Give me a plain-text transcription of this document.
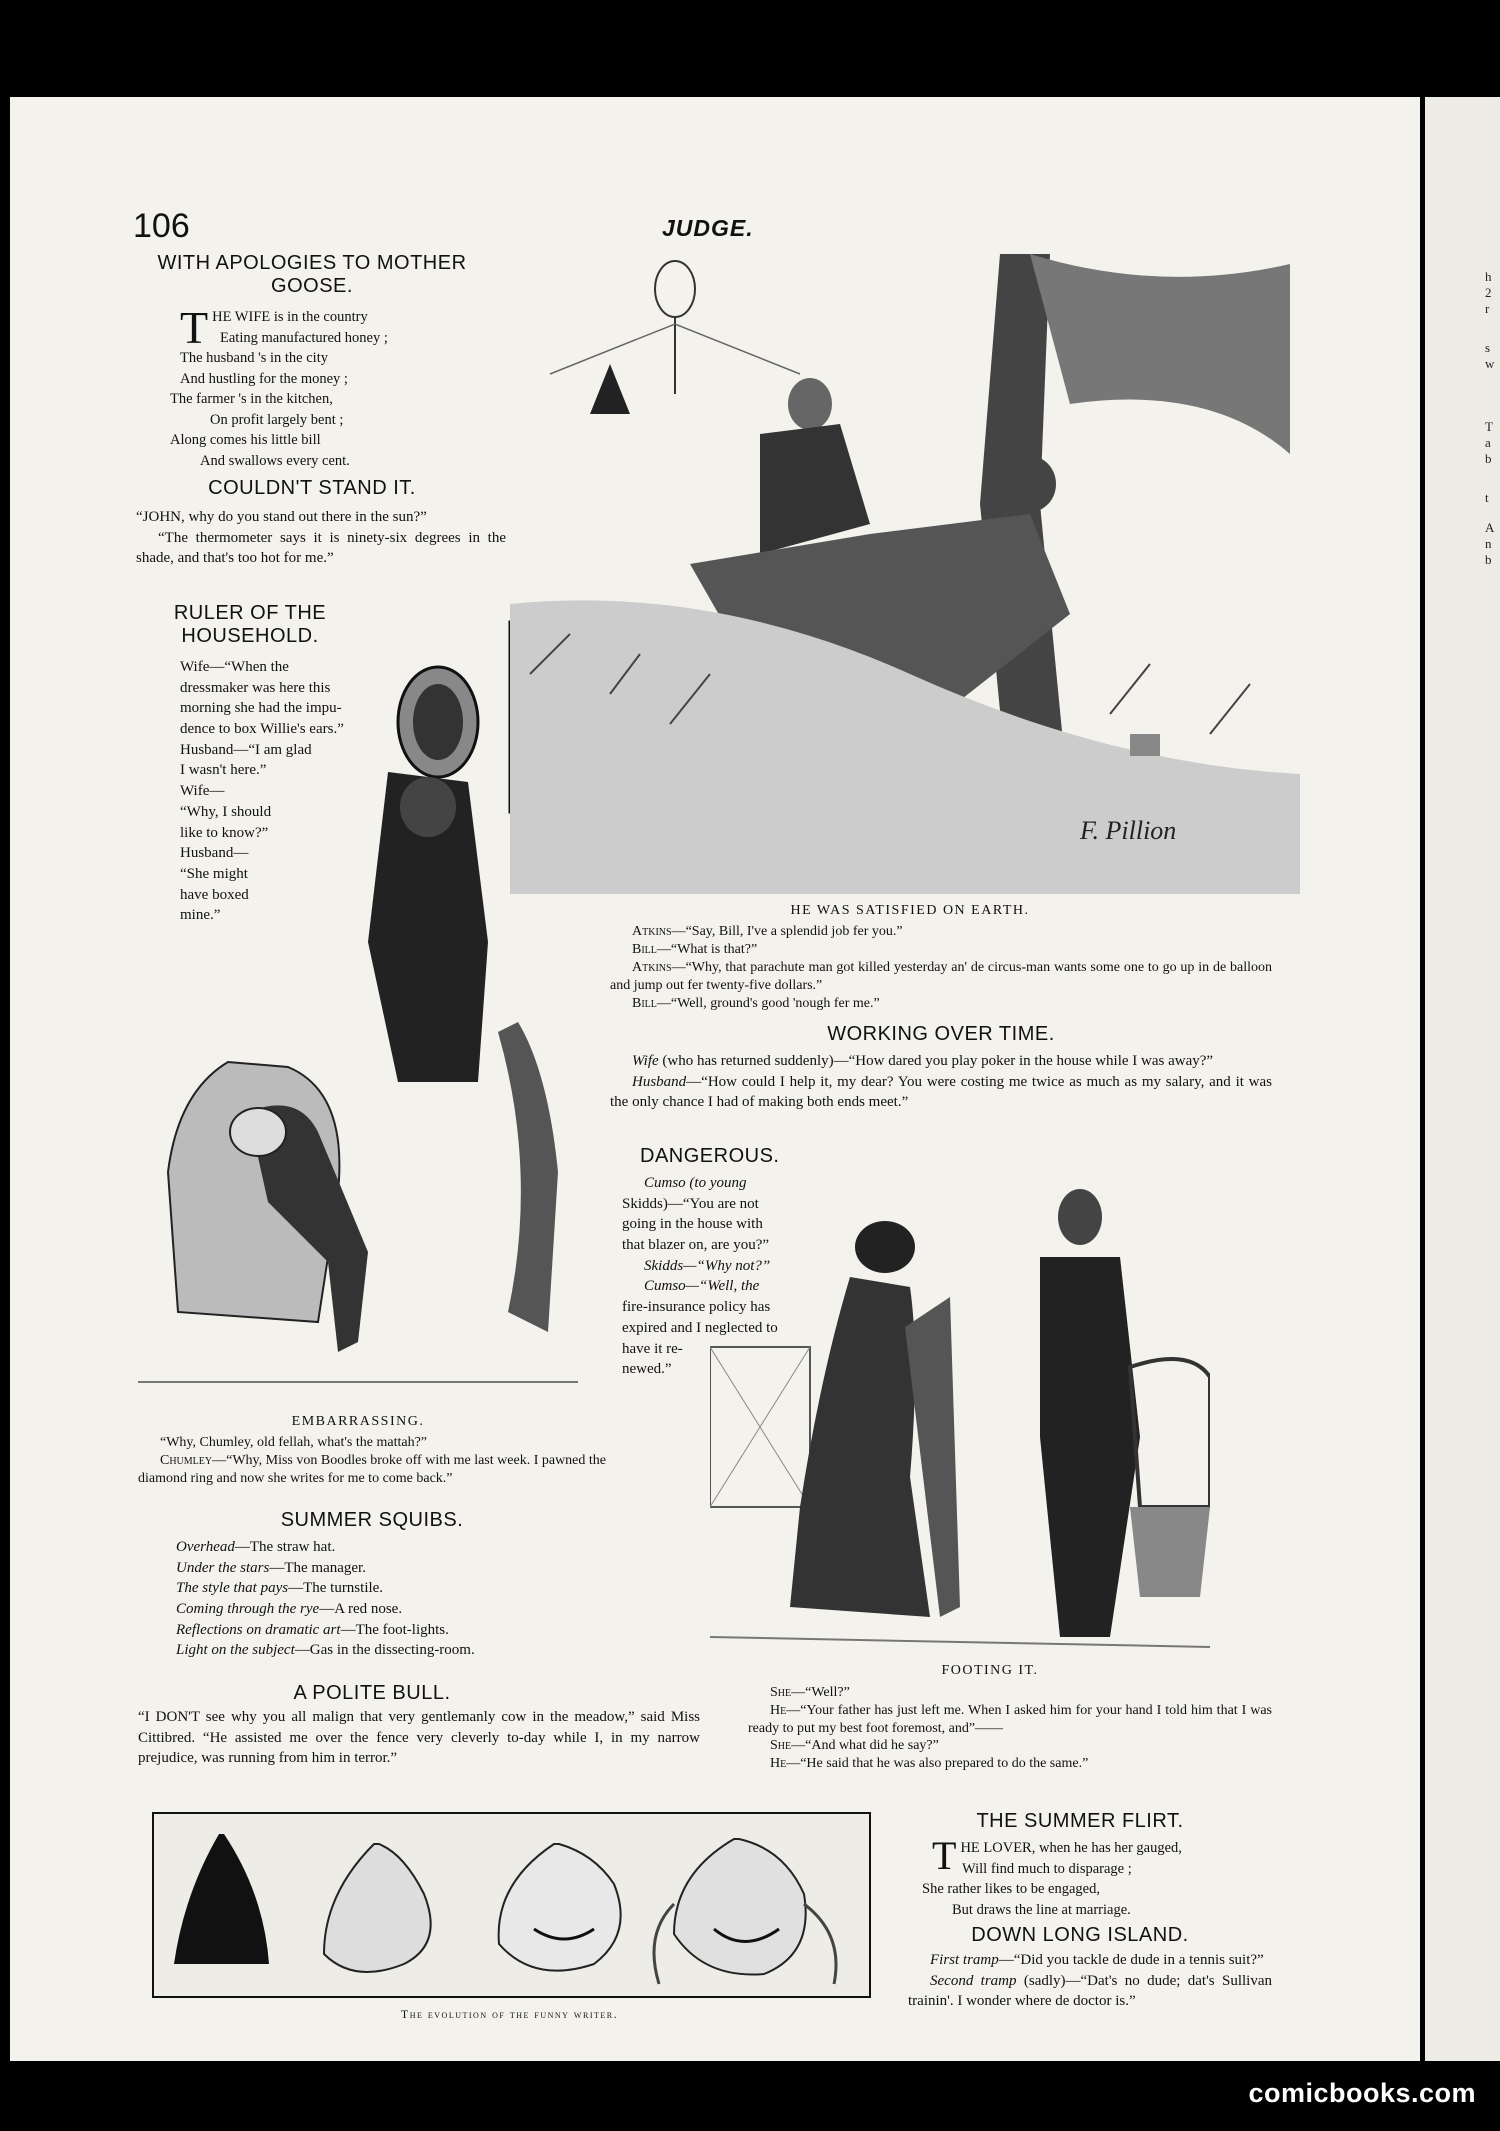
106	JUDGE.
WITH APOLOGIES TO MOTHER GOOSE.
T HE WIFE is in the country
Eating manufactured honey ;
The husband 's in the city
And hustling for the money ;
The farmer 's in the kitchen,
On profit largely bent ;
Along comes his little bill
And swallows every cent.
COULDN'T STAND IT.

“JOHN, why do you stand out there in the sun?”

“The thermometer says it is ninety-six degrees in the shade, and that's too hot for me.”

RULER OF THE HOUSEHOLD.
Wife—“When the
dressmaker was here this
morning she had the impu-
dence to box Willie's ears.”
Husband—“I am glad
I wasn't here.”
Wife—
“Why, I should
like to know?”
Husband—
“She might
have boxed
mine.”
EMBARRASSING.

“Why, Chumley, old fellah, what's the mattah?”

Chumley—“Why, Miss von Boodles broke off with me last week. I pawned the diamond ring and now she writes for me to come back.”

SUMMER SQUIBS.
Overhead—The straw hat.
Under the stars—The manager.
The style that pays—The turnstile.
Coming through the rye—A red nose.
Reflections on dramatic art—The foot-lights.
Light on the subject—Gas in the dissecting-room.
A POLITE BULL.
“I DON'T see why you all malign that very gentlemanly cow in the meadow,” said Miss Cittibred. “He assisted me over the fence very cleverly to-day while I, in my narrow prejudice, was running from him in terror.”
F. Pillion
HE WAS SATISFIED ON EARTH.

Atkins—“Say, Bill, I've a splendid job fer you.”

Bill—“What is that?”

Atkins—“Why, that parachute man got killed yesterday an' de circus-man wants some one to go up in de balloon and jump out fer twenty-five dollars.”

Bill—“Well, ground's good 'nough fer me.”

WORKING OVER TIME.

Wife (who has returned suddenly)—“How dared you play poker in the house while I was away?”

Husband—“How could I help it, my dear? You were costing me twice as much as my salary, and it was the only chance I had of making both ends meet.”

DANGEROUS.
Cumso (to young
Skidds)—“You are not
going in the house with
that blazer on, are you?”
Skidds—“Why not?”
Cumso—“Well, the
fire-insurance policy has
expired and I neglected to
have it re-
newed.”
FOOTING IT.

She—“Well?”

He—“Your father has just left me. When I asked him for your hand I told him that I was ready to put my best foot foremost, and”——

She—“And what did he say?”

He—“He said that he was also prepared to do the same.”

The evolution of the funny writer.
THE SUMMER FLIRT.
T HE LOVER, when he has her gauged,
Will find much to disparage ;
She rather likes to be engaged,
But draws the line at marriage.
DOWN LONG ISLAND.

First tramp—“Did you tackle de dude in a tennis suit?”

Second tramp (sadly)—“Dat's no dude; dat's Sullivan trainin'. I wonder where de doctor is.”

h
2
r
s
w
T
a
b
t
A
n
b
comicbooks.com
